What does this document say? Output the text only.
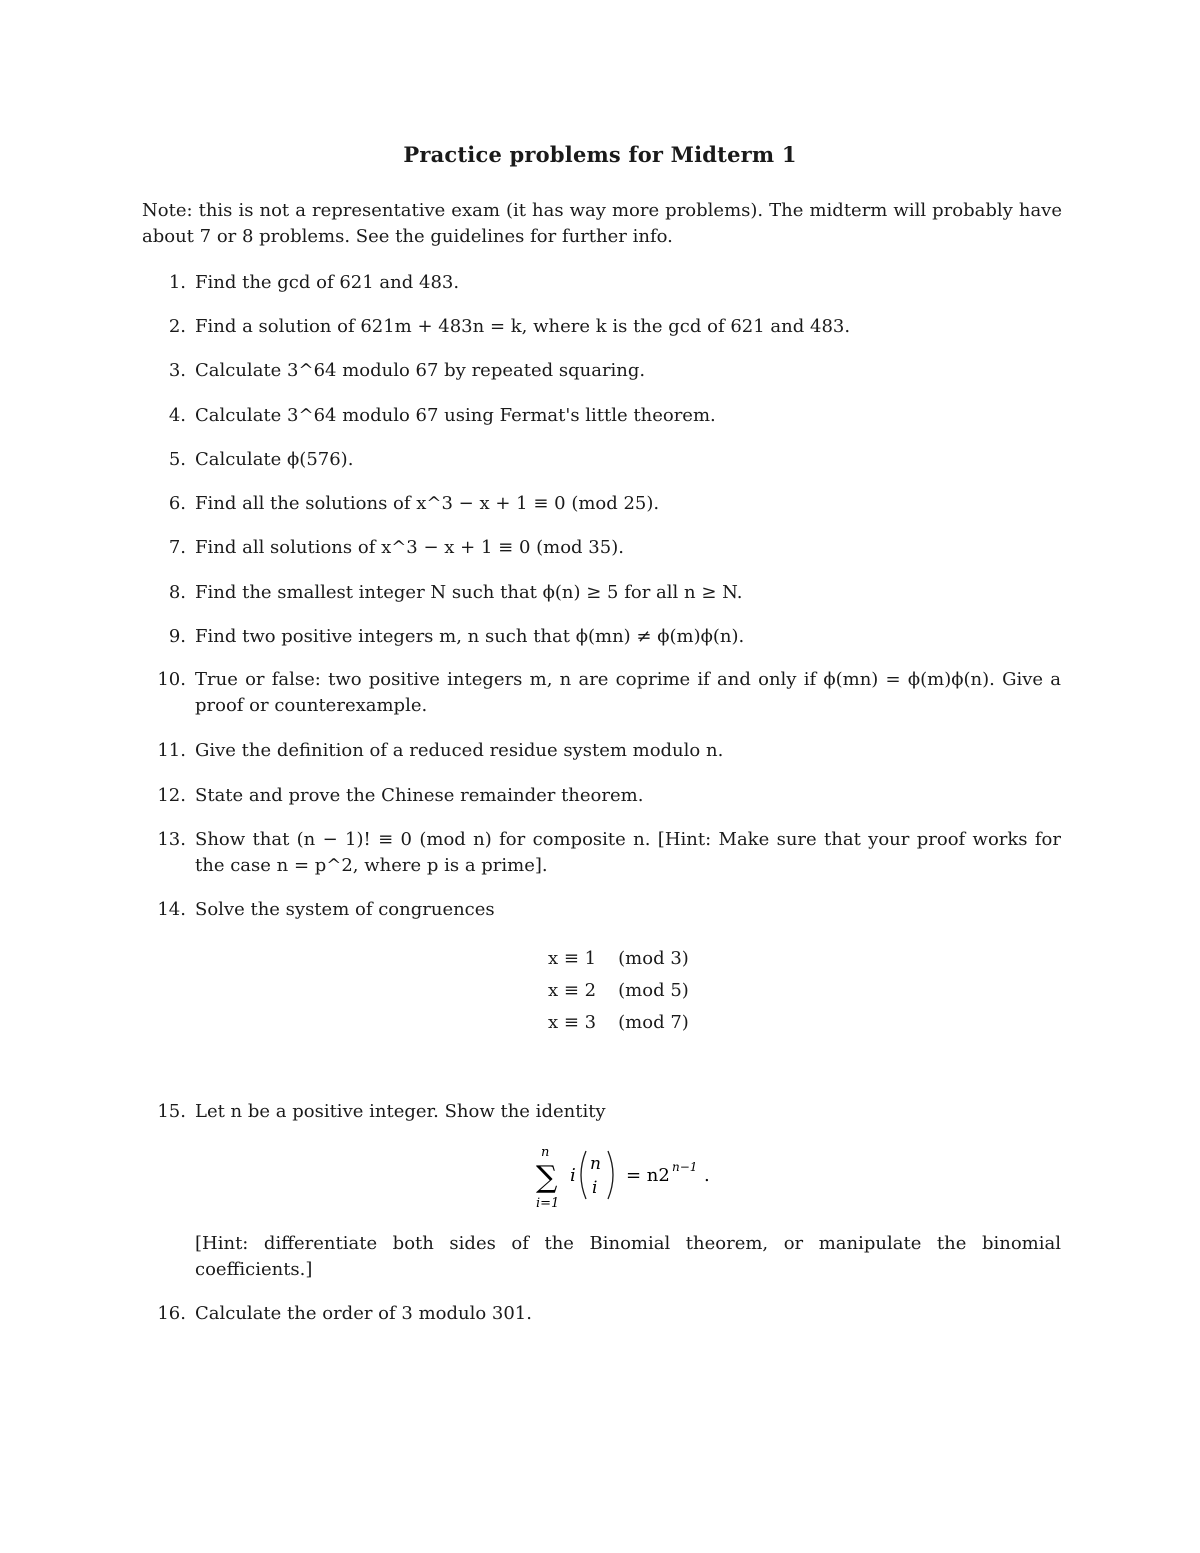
Practice problems for Midterm 1
Note: this is not a representative exam (it has way more problems). The midterm will probably have about 7 or 8 problems. See the guidelines for further info.
1. Find the gcd of 621 and 483.
2. Find a solution of 621m + 483n = k, where k is the gcd of 621 and 483.
3. Calculate 3^64 modulo 67 by repeated squaring.
4. Calculate 3^64 modulo 67 using Fermat's little theorem.
5. Calculate ϕ(576).
6. Find all the solutions of x^3 − x + 1 ≡ 0 (mod 25).
7. Find all solutions of x^3 − x + 1 ≡ 0 (mod 35).
8. Find the smallest integer N such that ϕ(n) ≥ 5 for all n ≥ N.
9. Find two positive integers m, n such that ϕ(mn) ≠ ϕ(m)ϕ(n).
10. True or false: two positive integers m, n are coprime if and only if ϕ(mn) = ϕ(m)ϕ(n). Give a proof or counterexample.
11. Give the definition of a reduced residue system modulo n.
12. State and prove the Chinese remainder theorem.
13. Show that (n − 1)! ≡ 0 (mod n) for composite n. [Hint: Make sure that your proof works for the case n = p^2, where p is a prime].
14. Solve the system of congruences
x ≡ 1 (mod 3)
x ≡ 2 (mod 5)
x ≡ 3 (mod 7)
15. Let n be a positive integer. Show the identity
n
∑
i=1
i
n
i
= n2 n−1 .
[Hint: differentiate both sides of the Binomial theorem, or manipulate the binomial coefficients.]
16. Calculate the order of 3 modulo 301.
